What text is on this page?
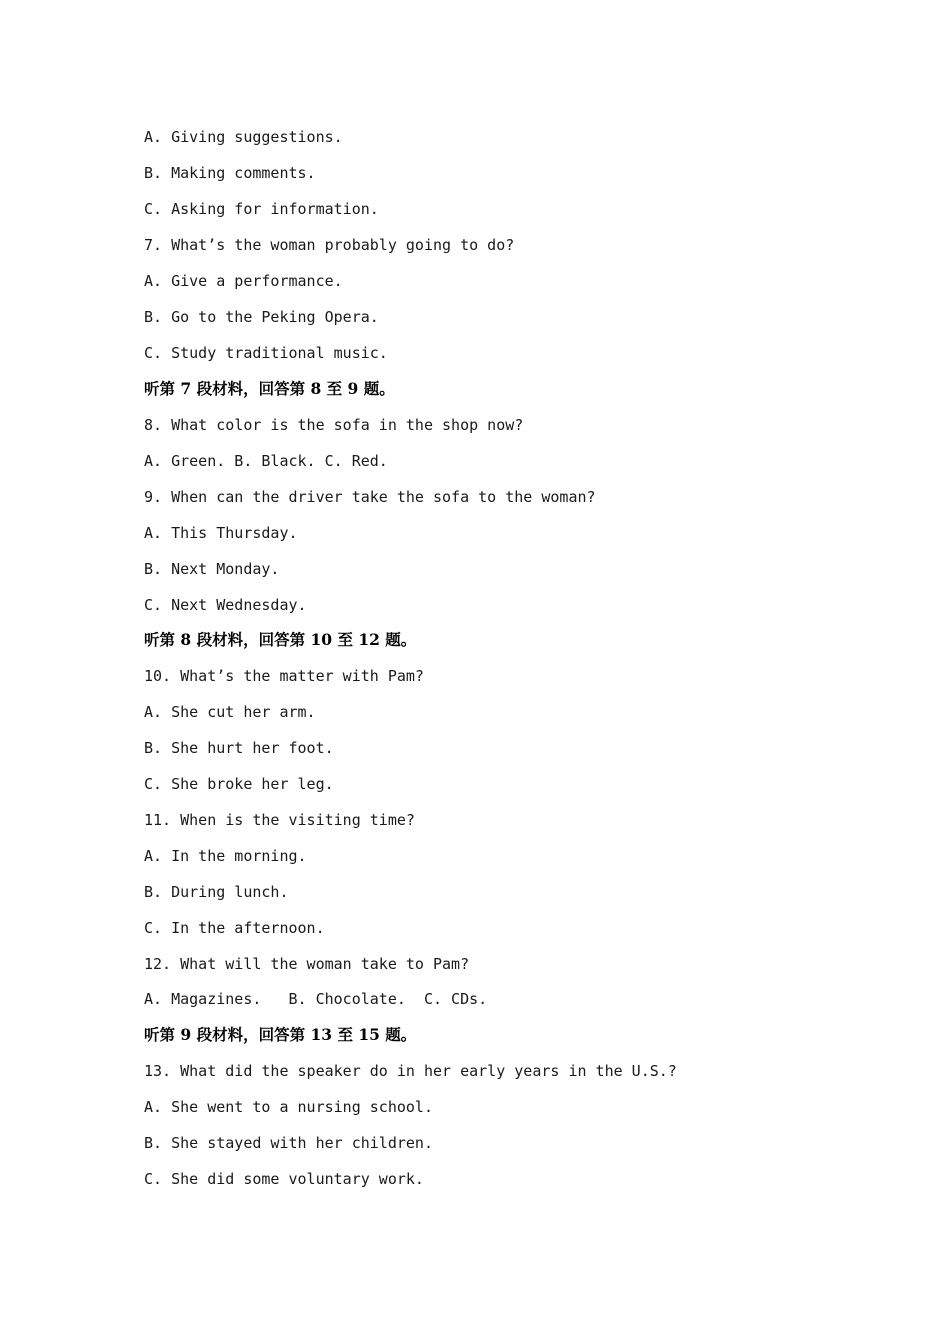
A. Giving suggestions.
B. Making comments.
C. Asking for information.
7. What’s the woman probably going to do?
A. Give a performance.
B. Go to the Peking Opera.
C. Study traditional music.
听第 7 段材料，回答第 8 至 9 题。
8. What color is the sofa in the shop now?
A. Green. B. Black. C. Red.
9. When can the driver take the sofa to the woman?
A. This Thursday.
B. Next Monday.
C. Next Wednesday.
听第 8 段材料，回答第 10 至 12 题。
10. What’s the matter with Pam?
A. She cut her arm.
B. She hurt her foot.
C. She broke her leg.
11. When is the visiting time?
A. In the morning.
B. During lunch.
C. In the afternoon.
12. What will the woman take to Pam?
A. Magazines.   B. Chocolate.  C. CDs.
听第 9 段材料，回答第 13 至 15 题。
13. What did the speaker do in her early years in the U.S.?
A. She went to a nursing school.
B. She stayed with her children.
C. She did some voluntary work.
